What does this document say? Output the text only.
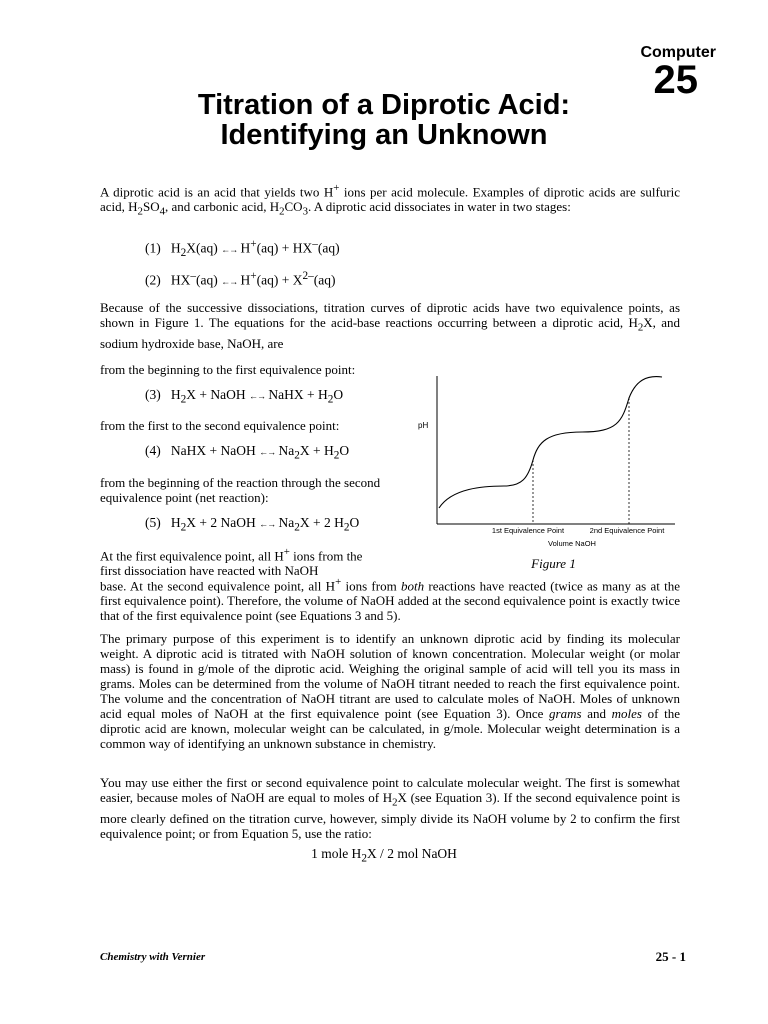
Computer
25
Titration of a Diprotic Acid:
Identifying an Unknown
A diprotic acid is an acid that yields two H+ ions per acid molecule. Examples of diprotic acids are sulfuric acid, $H_2SO_4$, and carbonic acid, $H_2CO_3$. A diprotic acid dissociates in water in two stages:
(1) $H_2X(aq)$ ←→ H+(aq) + HX–(aq)
(2) HX–(aq) ←→ $H^+(aq) + X^{2-}(aq)$
Because of the successive dissociations, titration curves of diprotic acids have two equivalence points, as shown in Figure 1. The equations for the acid-base reactions occurring between a diprotic acid, $H_2X$, and sodium hydroxide base, NaOH, are
from the beginning to the first equivalence point:
(3) $H_2X$ + NaOH ←→ NaHX + $H_2O$
from the first to the second equivalence point:
(4) NaHX + NaOH ←→ $Na_2X + H_2O$
from the beginning of the reaction through the second equivalence point (net reaction):
(5) $H_2X + 2$ NaOH ←→ $Na_2X + 2$ $H_2O$
At the first equivalence point, all H+ ions from the first dissociation have reacted with NaOH
base. At the second equivalence point, all H+ ions from both reactions have reacted (twice as many as at the first equivalence point). Therefore, the volume of NaOH added at the second equivalence point is exactly twice that of the first equivalence point (see Equations 3 and 5).
pH
1st Equivalence Point	2nd Equivalence Point
Volume NaOH
Figure 1
The primary purpose of this experiment is to identify an unknown diprotic acid by finding its molecular weight. A diprotic acid is titrated with NaOH solution of known concentration. Molecular weight (or molar mass) is found in g/mole of the diprotic acid. Weighing the original sample of acid will tell you its mass in grams. Moles can be determined from the volume of NaOH titrant needed to reach the first equivalence point. The volume and the concentration of NaOH titrant are used to calculate moles of NaOH. Moles of unknown acid equal moles of NaOH at the first equivalence point (see Equation 3). Once grams and moles of the diprotic acid are known, molecular weight can be calculated, in g/mole. Molecular weight determination is a common way of identifying an unknown substance in chemistry.
You may use either the first or second equivalence point to calculate molecular weight. The first is somewhat easier, because moles of NaOH are equal to moles of $H_2X$ (see Equation 3). If the second equivalence point is more clearly defined on the titration curve, however, simply divide its NaOH volume by 2 to confirm the first equivalence point; or from Equation 5, use the ratio:
1 mole $H_2X / 2$ mol NaOH
Chemistry with Vernier	25 - 1
